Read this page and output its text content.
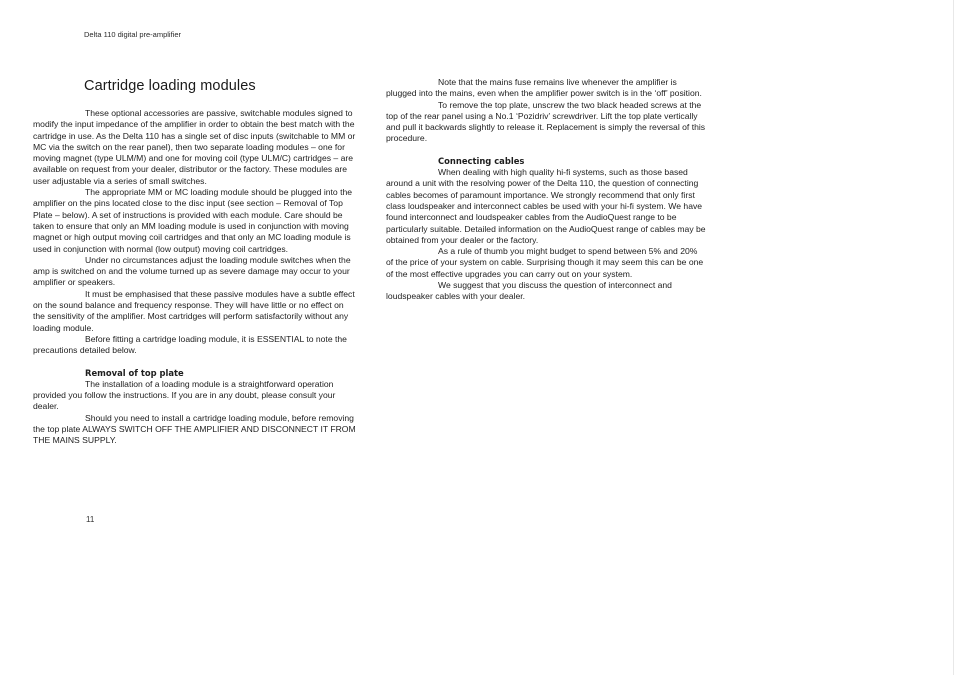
Delta 110 digital pre-amplifier
Cartridge loading modules

These optional accessories are passive, switchable modules signed to modify the input impedance of the amplifier in order to obtain the best match with the cartridge in use. As the Delta 110 has a single set of disc inputs (switchable to MM or MC via the switch on the rear panel), then two separate loading modules – one for moving magnet (type ULM/M) and one for moving coil (type ULM/C) cartridges – are available on request from your dealer, distributor or the factory. These modules are user adjustable via a series of small switches.

The appropriate MM or MC loading module should be plugged into the amplifier on the pins located close to the disc input (see section – Removal of Top Plate – below). A set of instructions is provided with each module. Care should be taken to ensure that only an MM loading module is used in conjunction with moving magnet or high output moving coil cartridges and that only an MC loading module is used in conjunction with normal (low output) moving coil cartridges.

Under no circumstances adjust the loading module switches when the amp is switched on and the volume turned up as severe damage may occur to your amplifier or speakers.

It must be emphasised that these passive modules have a subtle effect on the sound balance and frequency response. They will have little or no effect on the sensitivity of the amplifier. Most cartridges will perform satisfactorily without any loading module.

Before fitting a cartridge loading module, it is ESSENTIAL to note the precautions detailed below.

Removal of top plate

The installation of a loading module is a straightforward operation provided you follow the instructions. If you are in any doubt, please consult your dealer.

Should you need to install a cartridge loading module, before removing the top plate ALWAYS SWITCH OFF THE AMPLIFIER AND DISCONNECT IT FROM THE MAINS SUPPLY.

Note that the mains fuse remains live whenever the amplifier is plugged into the mains, even when the amplifier power switch is in the ‘off’ position.

To remove the top plate, unscrew the two black headed screws at the top of the rear panel using a No.1 ‘Pozidriv’ screwdriver. Lift the top plate vertically and pull it backwards slightly to release it. Replacement is simply the reversal of this procedure.

Connecting cables

When dealing with high quality hi-fi systems, such as those based around a unit with the resolving power of the Delta 110, the question of connecting cables becomes of paramount importance. We strongly recommend that only first class loudspeaker and interconnect cables be used with your hi-fi system. We have found interconnect and loudspeaker cables from the AudioQuest range to be particularly suitable. Detailed information on the AudioQuest range of cables may be obtained from your dealer or the factory.

As a rule of thumb you might budget to spend between 5% and 20% of the price of your system on cable. Surprising though it may seem this can be one of the most effective upgrades you can carry out on your system.

We suggest that you discuss the question of interconnect and loudspeaker cables with your dealer.

11
